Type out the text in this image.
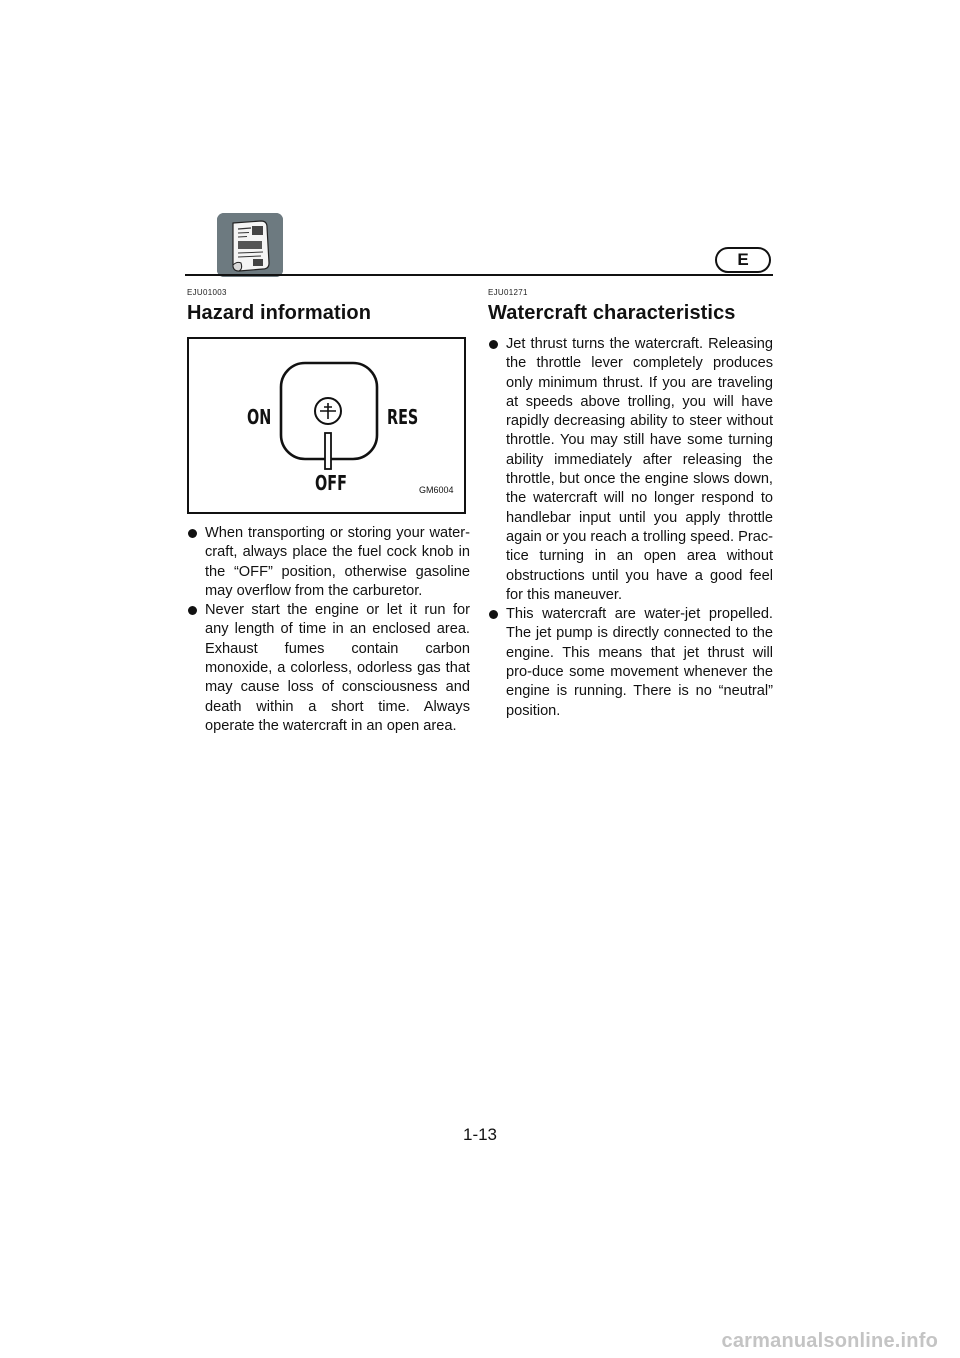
E
EJU01003
Hazard information
ON	RES
OFF	GM6004
When transporting or storing your water-craft, always place the fuel cock knob in the “OFF” position, otherwise gasoline may overflow from the carburetor.
Never start the engine or let it run for any length of time in an enclosed area. Exhaust fumes contain carbon monoxide, a colorless, odorless gas that may cause loss of consciousness and death within a short time. Always operate the watercraft in an open area.
EJU01271
Watercraft characteristics
Jet thrust turns the watercraft. Releasing the throttle lever completely produces only minimum thrust. If you are traveling at speeds above trolling, you will have rapidly decreasing ability to steer without throttle. You may still have some turning ability immediately after releasing the throttle, but once the engine slows down, the watercraft will no longer respond to handlebar input until you apply throttle again or you reach a trolling speed. Prac-tice turning in an open area without obstructions until you have a good feel for this maneuver.
This watercraft are water-jet propelled. The jet pump is directly connected to the engine. This means that jet thrust will pro-duce some movement whenever the engine is running. There is no “neutral” position.
1-13
carmanualsonline.info
